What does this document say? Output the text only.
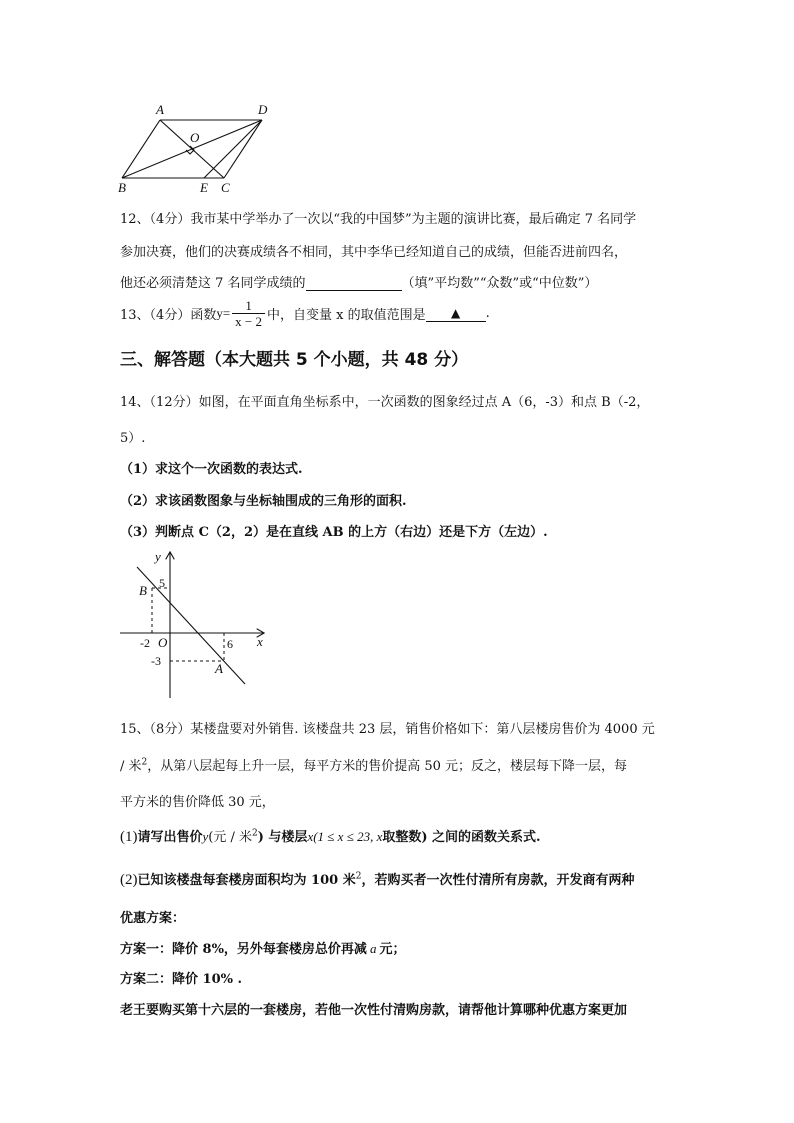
A	D
O
B	E C
12、（4分）我市某中学举办了一次以“我的中国梦”为主题的演讲比赛，最后确定 7 名同学
参加决赛，他们的决赛成绩各不相同，其中李华已经知道自己的成绩，但能否进前四名，
他还必须清楚这 7 名同学成绩的	（填”平均数”“众数”或“中位数”）
13、（4分）函数$y= \frac{1}{x - 2}$ 中，自变量 x 的取值范围是 ▲ .
三、解答题（本大题共 5 个小题，共 48 分）
14、（12分）如图，在平面直角坐标系中，一次函数的图象经过点 A（6，-3）和点 B（-2，
5）.
（1）求这个一次函数的表达式.
（2）求该函数图象与坐标轴围成的三角形的面积.
（3）判断点 C（2，2）是在直线 AB 的上方（右边）还是下方（左边）.
y
x
O
B
A
5
-2	6
-3
15、（8分）某楼盘要对外销售. 该楼盘共 23 层，销售价格如下：第八层楼房售价为 4000 元
/ 米$^2$，从第八层起每上升一层，每平方米的售价提高 50 元；反之，楼层每下降一层，每
平方米的售价降低 30 元，
(1)请写出售价y(元 / 米$^2$) 与楼层x(1 ≤ x ≤ 23, x取整数) 之间的函数关系式.
(2)已知该楼盘每套楼房面积均为 100 米$^2$，若购买者一次性付清所有房款，开发商有两种
优惠方案：
方案一：降价 8%，另外每套楼房总价再减 a 元；
方案二：降价 10% .
老王要购买第十六层的一套楼房，若他一次性付清购房款，请帮他计算哪种优惠方案更加
